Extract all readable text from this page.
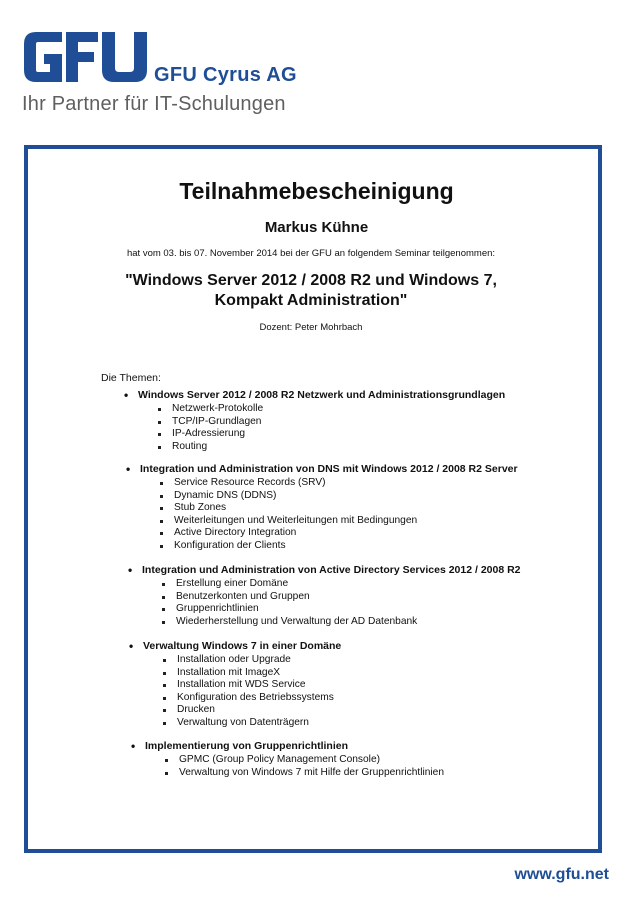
GFU Cyrus AG
Ihr Partner für IT-Schulungen
Teilnahmebescheinigung
Markus Kühne
hat vom 03. bis 07. November 2014 bei der GFU an folgendem Seminar teilgenommen:
"Windows Server 2012 / 2008 R2 und Windows 7,
Kompakt Administration"
Dozent: Peter Mohrbach
Die Themen:
• Windows Server 2012 / 2008 R2 Netzwerk und Administrationsgrundlagen
Netzwerk-Protokolle
TCP/IP-Grundlagen
IP-Adressierung
Routing
• Integration und Administration von DNS mit Windows 2012 / 2008 R2 Server
Service Resource Records (SRV)
Dynamic DNS (DDNS)
Stub Zones
Weiterleitungen und Weiterleitungen mit Bedingungen
Active Directory Integration
Konfiguration der Clients
• Integration und Administration von Active Directory Services 2012 / 2008 R2
Erstellung einer Domäne
Benutzerkonten und Gruppen
Gruppenrichtlinien
Wiederherstellung und Verwaltung der AD Datenbank
• Verwaltung Windows 7 in einer Domäne
Installation oder Upgrade
Installation mit ImageX
Installation mit WDS Service
Konfiguration des Betriebssystems
Drucken
Verwaltung von Datenträgern
• Implementierung von Gruppenrichtlinien
GPMC (Group Policy Management Console)
Verwaltung von Windows 7 mit Hilfe der Gruppenrichtlinien
www.gfu.net
